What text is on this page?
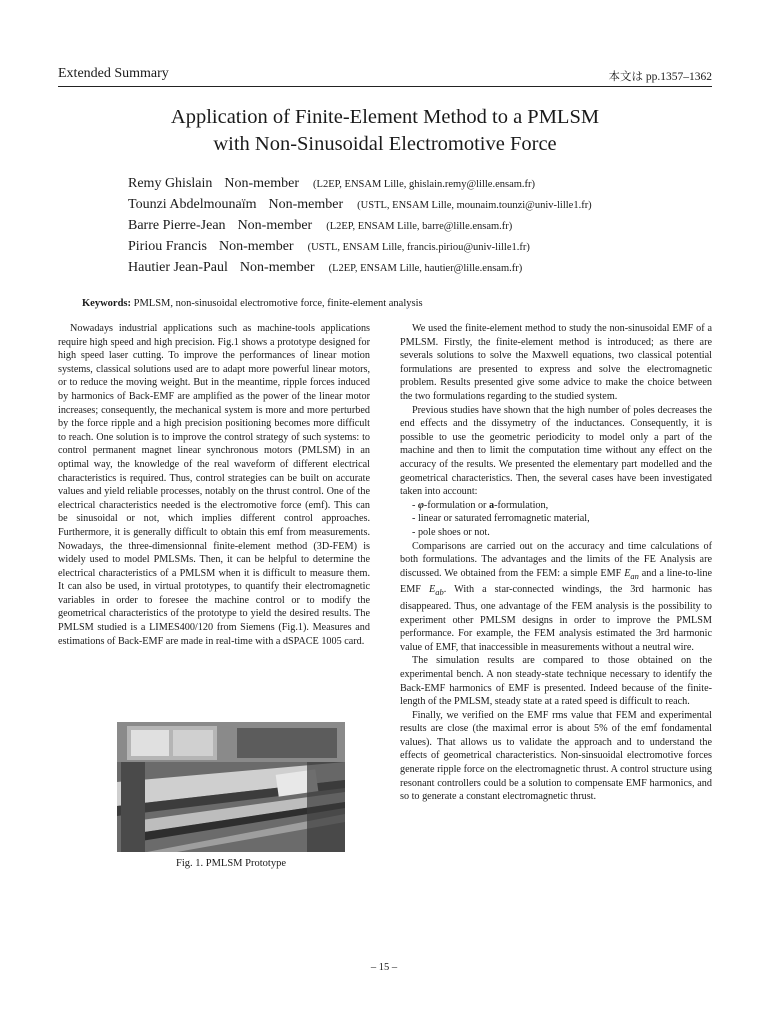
Extended Summary	本文は pp.1357–1362
Application of Finite-Element Method to a PMLSM
with Non-Sinusoidal Electromotive Force
Remy Ghislain Non-member (L2EP, ENSAM Lille, ghislain.remy@lille.ensam.fr)
Tounzi Abdelmounaïm Non-member (USTL, ENSAM Lille, mounaim.tounzi@univ-lille1.fr)
Barre Pierre-Jean Non-member (L2EP, ENSAM Lille, barre@lille.ensam.fr)
Piriou Francis Non-member (USTL, ENSAM Lille, francis.piriou@univ-lille1.fr)
Hautier Jean-Paul Non-member (L2EP, ENSAM Lille, hautier@lille.ensam.fr)
Keywords: PMLSM, non-sinusoidal electromotive force, finite-element analysis

Nowadays industrial applications such as machine-tools applications require high speed and high precision. Fig.1 shows a prototype designed for high speed laser cutting. To improve the performances of linear motion systems, classical solutions used are to adapt more powerful linear motors, or to reduce the moving weight. But in the meantime, ripple forces induced by harmonics of Back-EMF are amplified as the power of the linear motor increases; consequently, the mechanical system is more and more perturbed by the force ripple and a high precision positioning becomes more difficult to reach. One solution is to improve the control strategy of such systems: to control permanent magnet linear synchronous motors (PMLSM) in an optimal way, the knowledge of the real waveform of different electrical characteristics is required. Thus, control strategies can be built on accurate values and yield reliable processes, notably on the thrust control. One of the electrical characteristics needed is the electromotive force (emf). This can be sinusoidal or not, which implies different control approaches. Furthermore, it is generally difficult to obtain this emf from measurements. Nowadays, the three-dimensionnal finite-element method (3D-FEM) is widely used to model PMLSMs. Then, it can be helpful to determine the electrical characteristics of a PMLSM when it is difficult to measure them. It can also be used, in virtual prototypes, to quantify their electromagnetic variables in order to foresee the machine control or to modify the geometrical characteristics of the prototype to yield the desired results. The PMLSM studied is a LIMES400/120 from Siemens (Fig.1). Measures and estimations of Back-EMF are made in real-time with a dSPACE 1005 card.

Fig. 1. PMLSM Prototype

We used the finite-element method to study the non-sinusoidal EMF of a PMLSM. Firstly, the finite-element method is introduced; as there are severals solutions to solve the Maxwell equations, two classical potential formulations are presented to express and solve the electromagnetic problem. Results presented give some advice to make the choice between the two formulations regarding to the studied system.

Previous studies have shown that the high number of poles decreases the end effects and the dissymetry of the inductances. Consequently, it is possible to use the geometric periodicity to model only a part of the machine and then to limit the computation time without any effect on the accuracy of the results. We presented the elementary part modelled and the geometrical characteristics. Then, the several cases have been investigated taken into account:

- φ-formulation or a-formulation,
- linear or saturated ferromagnetic material,
- pole shoes or not.

Comparisons are carried out on the accuracy and time calculations of both formulations. The advantages and the limits of the FE Analysis are discussed. We obtained from the FEM: a simple EMF $E_{an}$ and a line-to-line EMF $E_{ab}$. With a star-connected windings, the 3rd harmonic has disappeared. Thus, one advantage of the FEM analysis is the possibility to experiment other PMLSM designs in order to improve the PMLSM performance. For example, the FEM analysis estimated the 3rd harmonic value of EMF, that inaccessible in measurements without a neutral wire.

The simulation results are compared to those obtained on the experimental bench. A non steady-state technique necessary to identify the Back-EMF harmonics of EMF is presented. Indeed because of the finite-length of the PMLSM, steady state at a rated speed is difficult to reach.

Finally, we verified on the EMF rms value that FEM and experimental results are close (the maximal error is about 5% of the emf fondamental values). That allows us to validate the approach and to understand the effects of geometrical characteristics. Non-sinsuoidal electromotive forces generate ripple force on the electromagnetic thrust. A control structure using resonant controllers could be a solution to compensate EMF harmonics, and so to generate a constant electromagnetic thrust.

– 15 –
